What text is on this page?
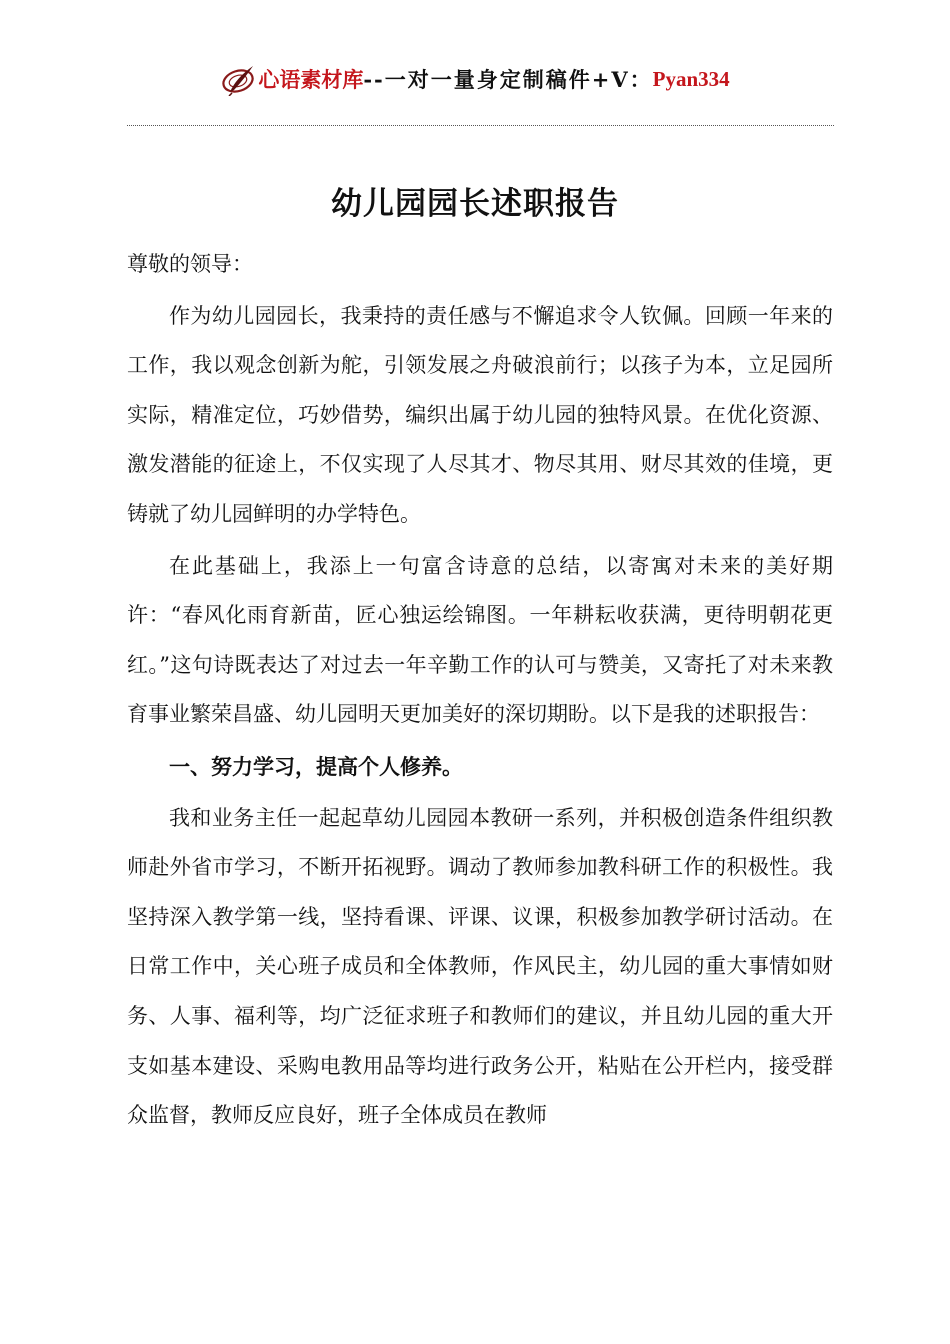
心语素材库--一对一量身定制稿件+V：Pyan334
幼儿园园长述职报告

尊敬的领导：

作为幼儿园园长，我秉持的责任感与不懈追求令人钦佩。回顾一年来的工作，我以观念创新为舵，引领发展之舟破浪前行；以孩子为本，立足园所实际，精准定位，巧妙借势，编织出属于幼儿园的独特风景。在优化资源、激发潜能的征途上，不仅实现了人尽其才、物尽其用、财尽其效的佳境，更铸就了幼儿园鲜明的办学特色。

在此基础上，我添上一句富含诗意的总结，以寄寓对未来的美好期许：“春风化雨育新苗，匠心独运绘锦图。一年耕耘收获满，更待明朝花更红。”这句诗既表达了对过去一年辛勤工作的认可与赞美，又寄托了对未来教育事业繁荣昌盛、幼儿园明天更加美好的深切期盼。以下是我的述职报告：

一、努力学习，提高个人修养。

我和业务主任一起起草幼儿园园本教研一系列，并积极创造条件组织教师赴外省市学习，不断开拓视野。调动了教师参加教科研工作的积极性。我坚持深入教学第一线，坚持看课、评课、议课，积极参加教学研讨活动。在日常工作中，关心班子成员和全体教师，作风民主，幼儿园的重大事情如财务、人事、福利等，均广泛征求班子和教师们的建议，并且幼儿园的重大开支如基本建设、采购电教用品等均进行政务公开，粘贴在公开栏内，接受群众监督，教师反应良好，班子全体成员在教师
